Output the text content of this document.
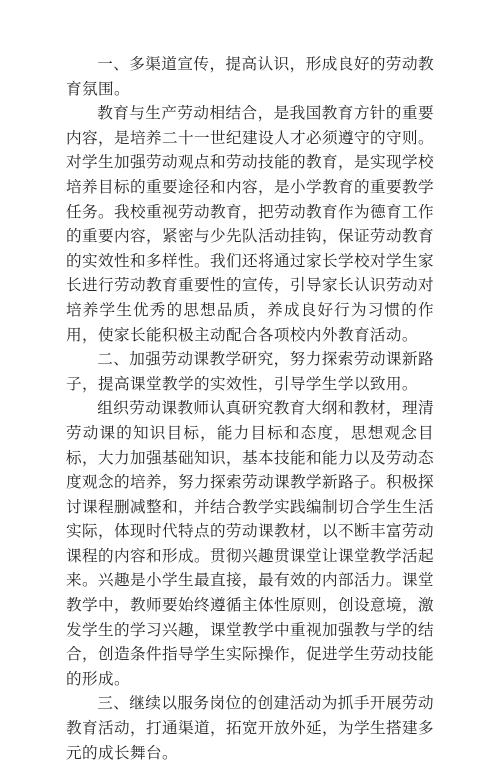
一、多渠道宣传，提高认识，形成良好的劳动教育氛围。

教育与生产劳动相结合，是我国教育方针的重要内容，是培养二十一世纪建设人才必须遵守的守则。对学生加强劳动观点和劳动技能的教育，是实现学校培养目标的重要途径和内容，是小学教育的重要教学任务。我校重视劳动教育，把劳动教育作为德育工作的重要内容，紧密与少先队活动挂钩，保证劳动教育的实效性和多样性。我们还将通过家长学校对学生家长进行劳动教育重要性的宣传，引导家长认识劳动对培养学生优秀的思想品质，养成良好行为习惯的作用，使家长能积极主动配合各项校内外教育活动。

二、加强劳动课教学研究，努力探索劳动课新路子，提高课堂教学的实效性，引导学生学以致用。

组织劳动课教师认真研究教育大纲和教材，理清劳动课的知识目标，能力目标和态度，思想观念目标，大力加强基础知识，基本技能和能力以及劳动态度观念的培养，努力探索劳动课教学新路子。积极探讨课程删减整和，并结合教学实践编制切合学生生活实际，体现时代特点的劳动课教材，以不断丰富劳动课程的内容和形成。贯彻兴趣贯课堂让课堂教学活起来。兴趣是小学生最直接，最有效的内部活力。课堂教学中，教师要始终遵循主体性原则，创设意境，激发学生的学习兴趣，课堂教学中重视加强教与学的结合，创造条件指导学生实际操作，促进学生劳动技能的形成。

三、继续以服务岗位的创建活动为抓手开展劳动教育活动，打通渠道，拓宽开放外延，为学生搭建多元的成长舞台。
